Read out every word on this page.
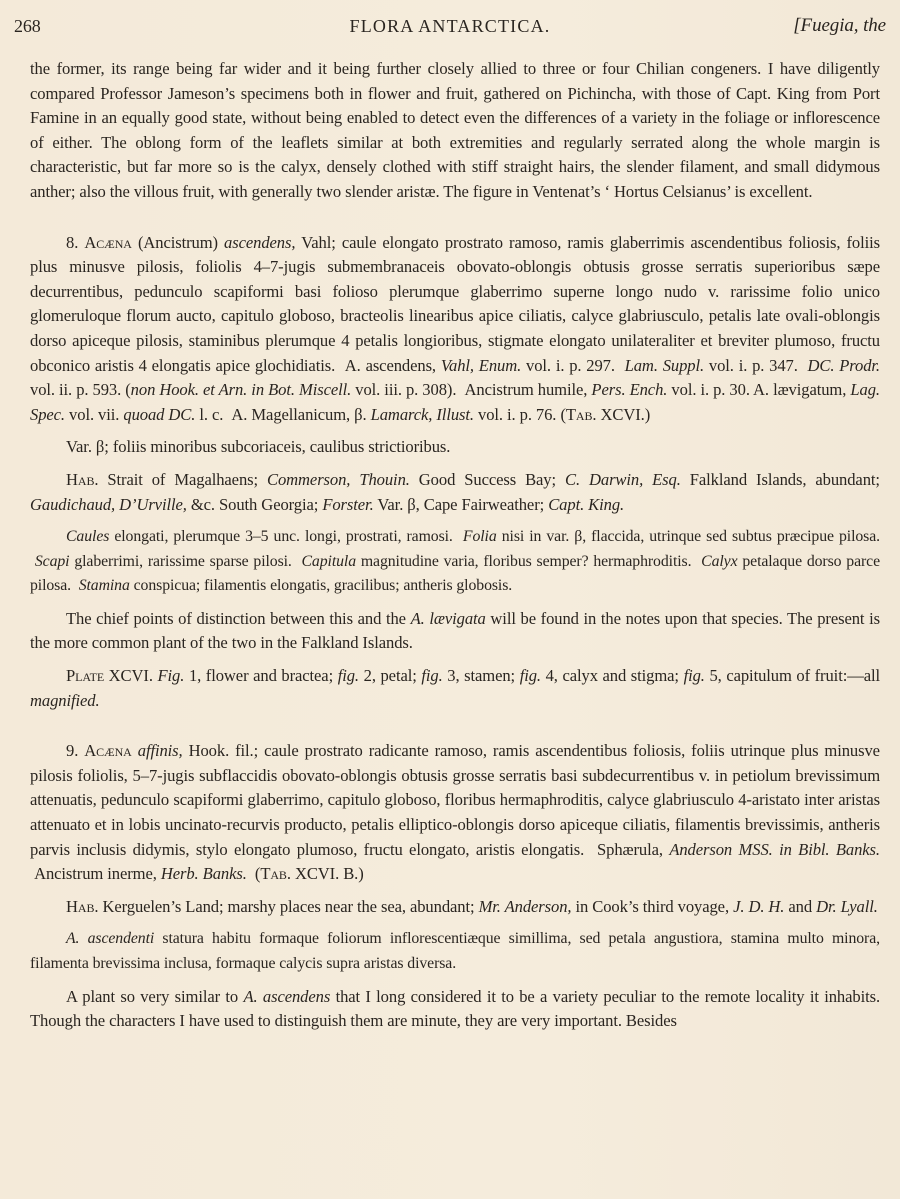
268	FLORA ANTARCTICA.	[Fuegia, the

the former, its range being far wider and it being further closely allied to three or four Chilian congeners. I have diligently compared Professor Jameson’s specimens both in flower and fruit, gathered on Pichincha, with those of Capt. King from Port Famine in an equally good state, without being enabled to detect even the differences of a variety in the foliage or inflorescence of either. The oblong form of the leaflets similar at both extremities and regularly serrated along the whole margin is characteristic, but far more so is the calyx, densely clothed with stiff straight hairs, the slender filament, and small didymous anther; also the villous fruit, with generally two slender aristæ. The figure in Ventenat’s ‘ Hortus Celsianus’ is excellent.

8. Acæna (Ancistrum) ascendens, Vahl; caule elongato prostrato ramoso, ramis glaberrimis ascendentibus foliosis, foliis plus minusve pilosis, foliolis 4–7-jugis submembranaceis obovato-oblongis obtusis grosse serratis superioribus sæpe decurrentibus, pedunculo scapiformi basi folioso plerumque glaberrimo superne longo nudo v. rarissime folio unico glomeruloque florum aucto, capitulo globoso, bracteolis linearibus apice ciliatis, calyce glabriusculo, petalis late ovali-oblongis dorso apiceque pilosis, staminibus plerumque 4 petalis longioribus, stigmate elongato unilateraliter et breviter plumoso, fructu obconico aristis 4 elongatis apice glochidiatis. A. ascendens, Vahl, Enum. vol. i. p. 297. Lam. Suppl. vol. i. p. 347. DC. Prodr. vol. ii. p. 593. (non Hook. et Arn. in Bot. Miscell. vol. iii. p. 308). Ancistrum humile, Pers. Ench. vol. i. p. 30. A. lævigatum, Lag. Spec. vol. vii. quoad DC. l. c. A. Magellanicum, β. Lamarck, Illust. vol. i. p. 76. (Tab. XCVI.)

Var. β; foliis minoribus subcoriaceis, caulibus strictioribus.

Hab. Strait of Magalhaens; Commerson, Thouin. Good Success Bay; C. Darwin, Esq. Falkland Islands, abundant; Gaudichaud, D’Urville, &c. South Georgia; Forster. Var. β, Cape Fairweather; Capt. King.

Caules elongati, plerumque 3–5 unc. longi, prostrati, ramosi. Folia nisi in var. β, flaccida, utrinque sed subtus præcipue pilosa.  Scapi glaberrimi, rarissime sparse pilosi. Capitula magnitudine varia, floribus semper? hermaphroditis. Calyx petalaque dorso parce pilosa. Stamina conspicua; filamentis elongatis, gracilibus; antheris globosis.

The chief points of distinction between this and the A. lævigata will be found in the notes upon that species. The present is the more common plant of the two in the Falkland Islands.

Plate XCVI. Fig. 1, flower and bractea; fig. 2, petal; fig. 3, stamen; fig. 4, calyx and stigma; fig. 5, capitulum of fruit:—all magnified.

9. Acæna affinis, Hook. fil.; caule prostrato radicante ramoso, ramis ascendentibus foliosis, foliis utrinque plus minusve pilosis foliolis, 5–7-jugis subflaccidis obovato-oblongis obtusis grosse serratis basi subdecurrentibus v. in petiolum brevissimum attenuatis, pedunculo scapiformi glaberrimo, capitulo globoso, floribus hermaphroditis, calyce glabriusculo 4-aristato inter aristas attenuato et in lobis uncinato-recurvis producto, petalis elliptico-oblongis dorso apiceque ciliatis, filamentis brevissimis, antheris parvis inclusis didymis, stylo elongato plumoso, fructu elongato, aristis elongatis. Sphærula, Anderson MSS. in Bibl. Banks.  Ancistrum inerme, Herb. Banks. (Tab. XCVI. B.)

Hab. Kerguelen’s Land; marshy places near the sea, abundant; Mr. Anderson, in Cook’s third voyage, J. D. H. and Dr. Lyall.

A. ascendenti statura habitu formaque foliorum inflorescentiæque simillima, sed petala angustiora, stamina multo minora, filamenta brevissima inclusa, formaque calycis supra aristas diversa.

A plant so very similar to A. ascendens that I long considered it to be a variety peculiar to the remote locality it inhabits. Though the characters I have used to distinguish them are minute, they are very important. Besides
